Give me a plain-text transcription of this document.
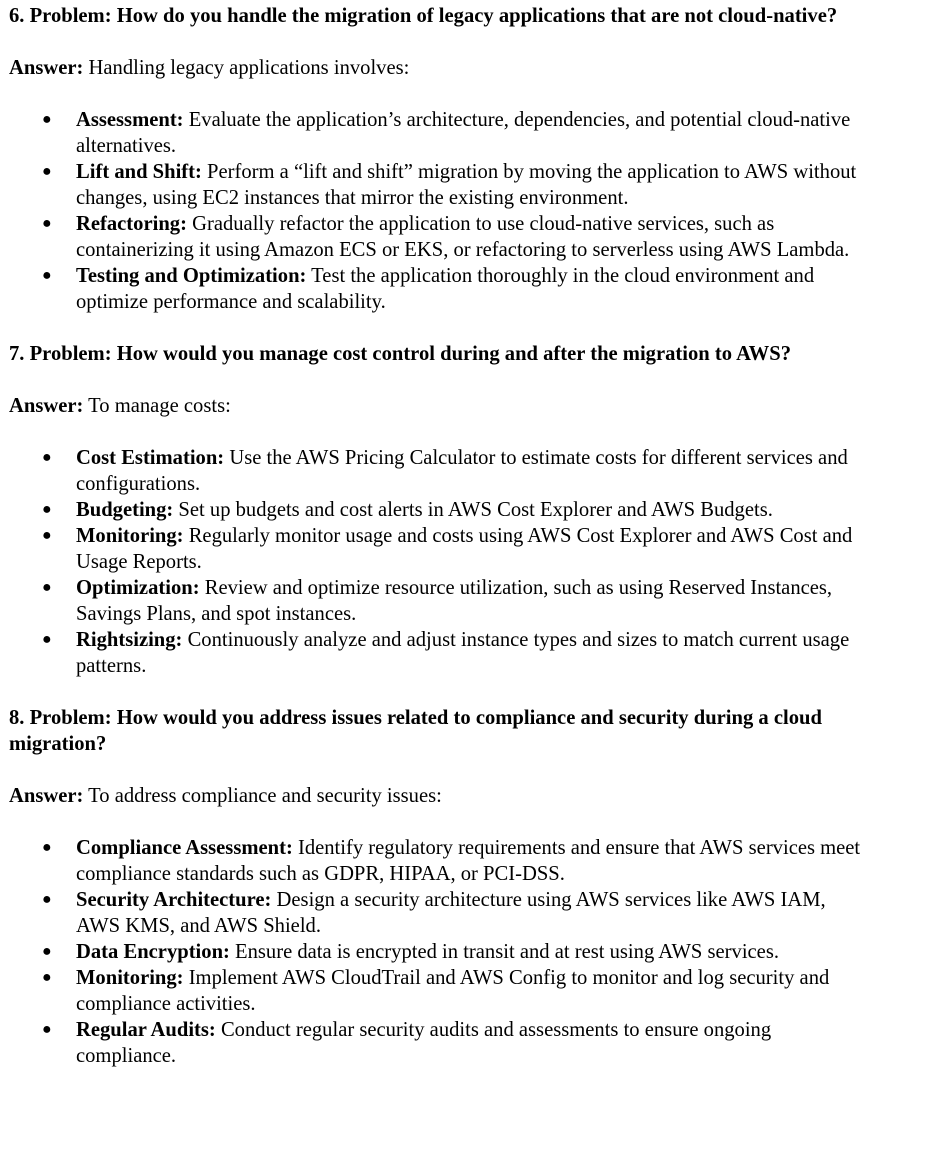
6. Problem: How do you handle the migration of legacy applications that are not cloud-native?

Answer: Handling legacy applications involves:

● Assessment: Evaluate the application’s architecture, dependencies, and potential cloud-native alternatives.
● Lift and Shift: Perform a “lift and shift” migration by moving the application to AWS without changes, using EC2 instances that mirror the existing environment.
● Refactoring: Gradually refactor the application to use cloud-native services, such as containerizing it using Amazon ECS or EKS, or refactoring to serverless using AWS Lambda.
● Testing and Optimization: Test the application thoroughly in the cloud environment and optimize performance and scalability.

7. Problem: How would you manage cost control during and after the migration to AWS?

Answer: To manage costs:

● Cost Estimation: Use the AWS Pricing Calculator to estimate costs for different services and configurations.
● Budgeting: Set up budgets and cost alerts in AWS Cost Explorer and AWS Budgets.
● Monitoring: Regularly monitor usage and costs using AWS Cost Explorer and AWS Cost and Usage Reports.
● Optimization: Review and optimize resource utilization, such as using Reserved Instances, Savings Plans, and spot instances.
● Rightsizing: Continuously analyze and adjust instance types and sizes to match current usage patterns.

8. Problem: How would you address issues related to compliance and security during a cloud migration?

Answer: To address compliance and security issues:

● Compliance Assessment: Identify regulatory requirements and ensure that AWS services meet compliance standards such as GDPR, HIPAA, or PCI-DSS.
● Security Architecture: Design a security architecture using AWS services like AWS IAM, AWS KMS, and AWS Shield.
● Data Encryption: Ensure data is encrypted in transit and at rest using AWS services.
● Monitoring: Implement AWS CloudTrail and AWS Config to monitor and log security and compliance activities.
● Regular Audits: Conduct regular security audits and assessments to ensure ongoing compliance.
